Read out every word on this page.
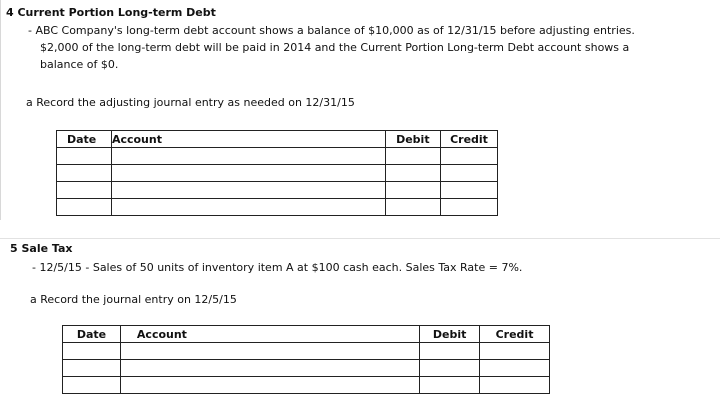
4 Current Portion Long-term Debt
- ABC Company's long-term debt account shows a balance of $10,000 as of 12/31/15 before adjusting entries.
$2,000 of the long-term debt will be paid in 2014 and the Current Portion Long-term Debt account shows a
balance of $0.
a Record the adjusting journal entry as needed on 12/31/15
Date	Account	Debit	Credit

5 Sale Tax
- 12/5/15 - Sales of 50 units of inventory item A at $100 cash each. Sales Tax Rate = 7%.
a Record the journal entry on 12/5/15
Date	Account	Debit	Credit
